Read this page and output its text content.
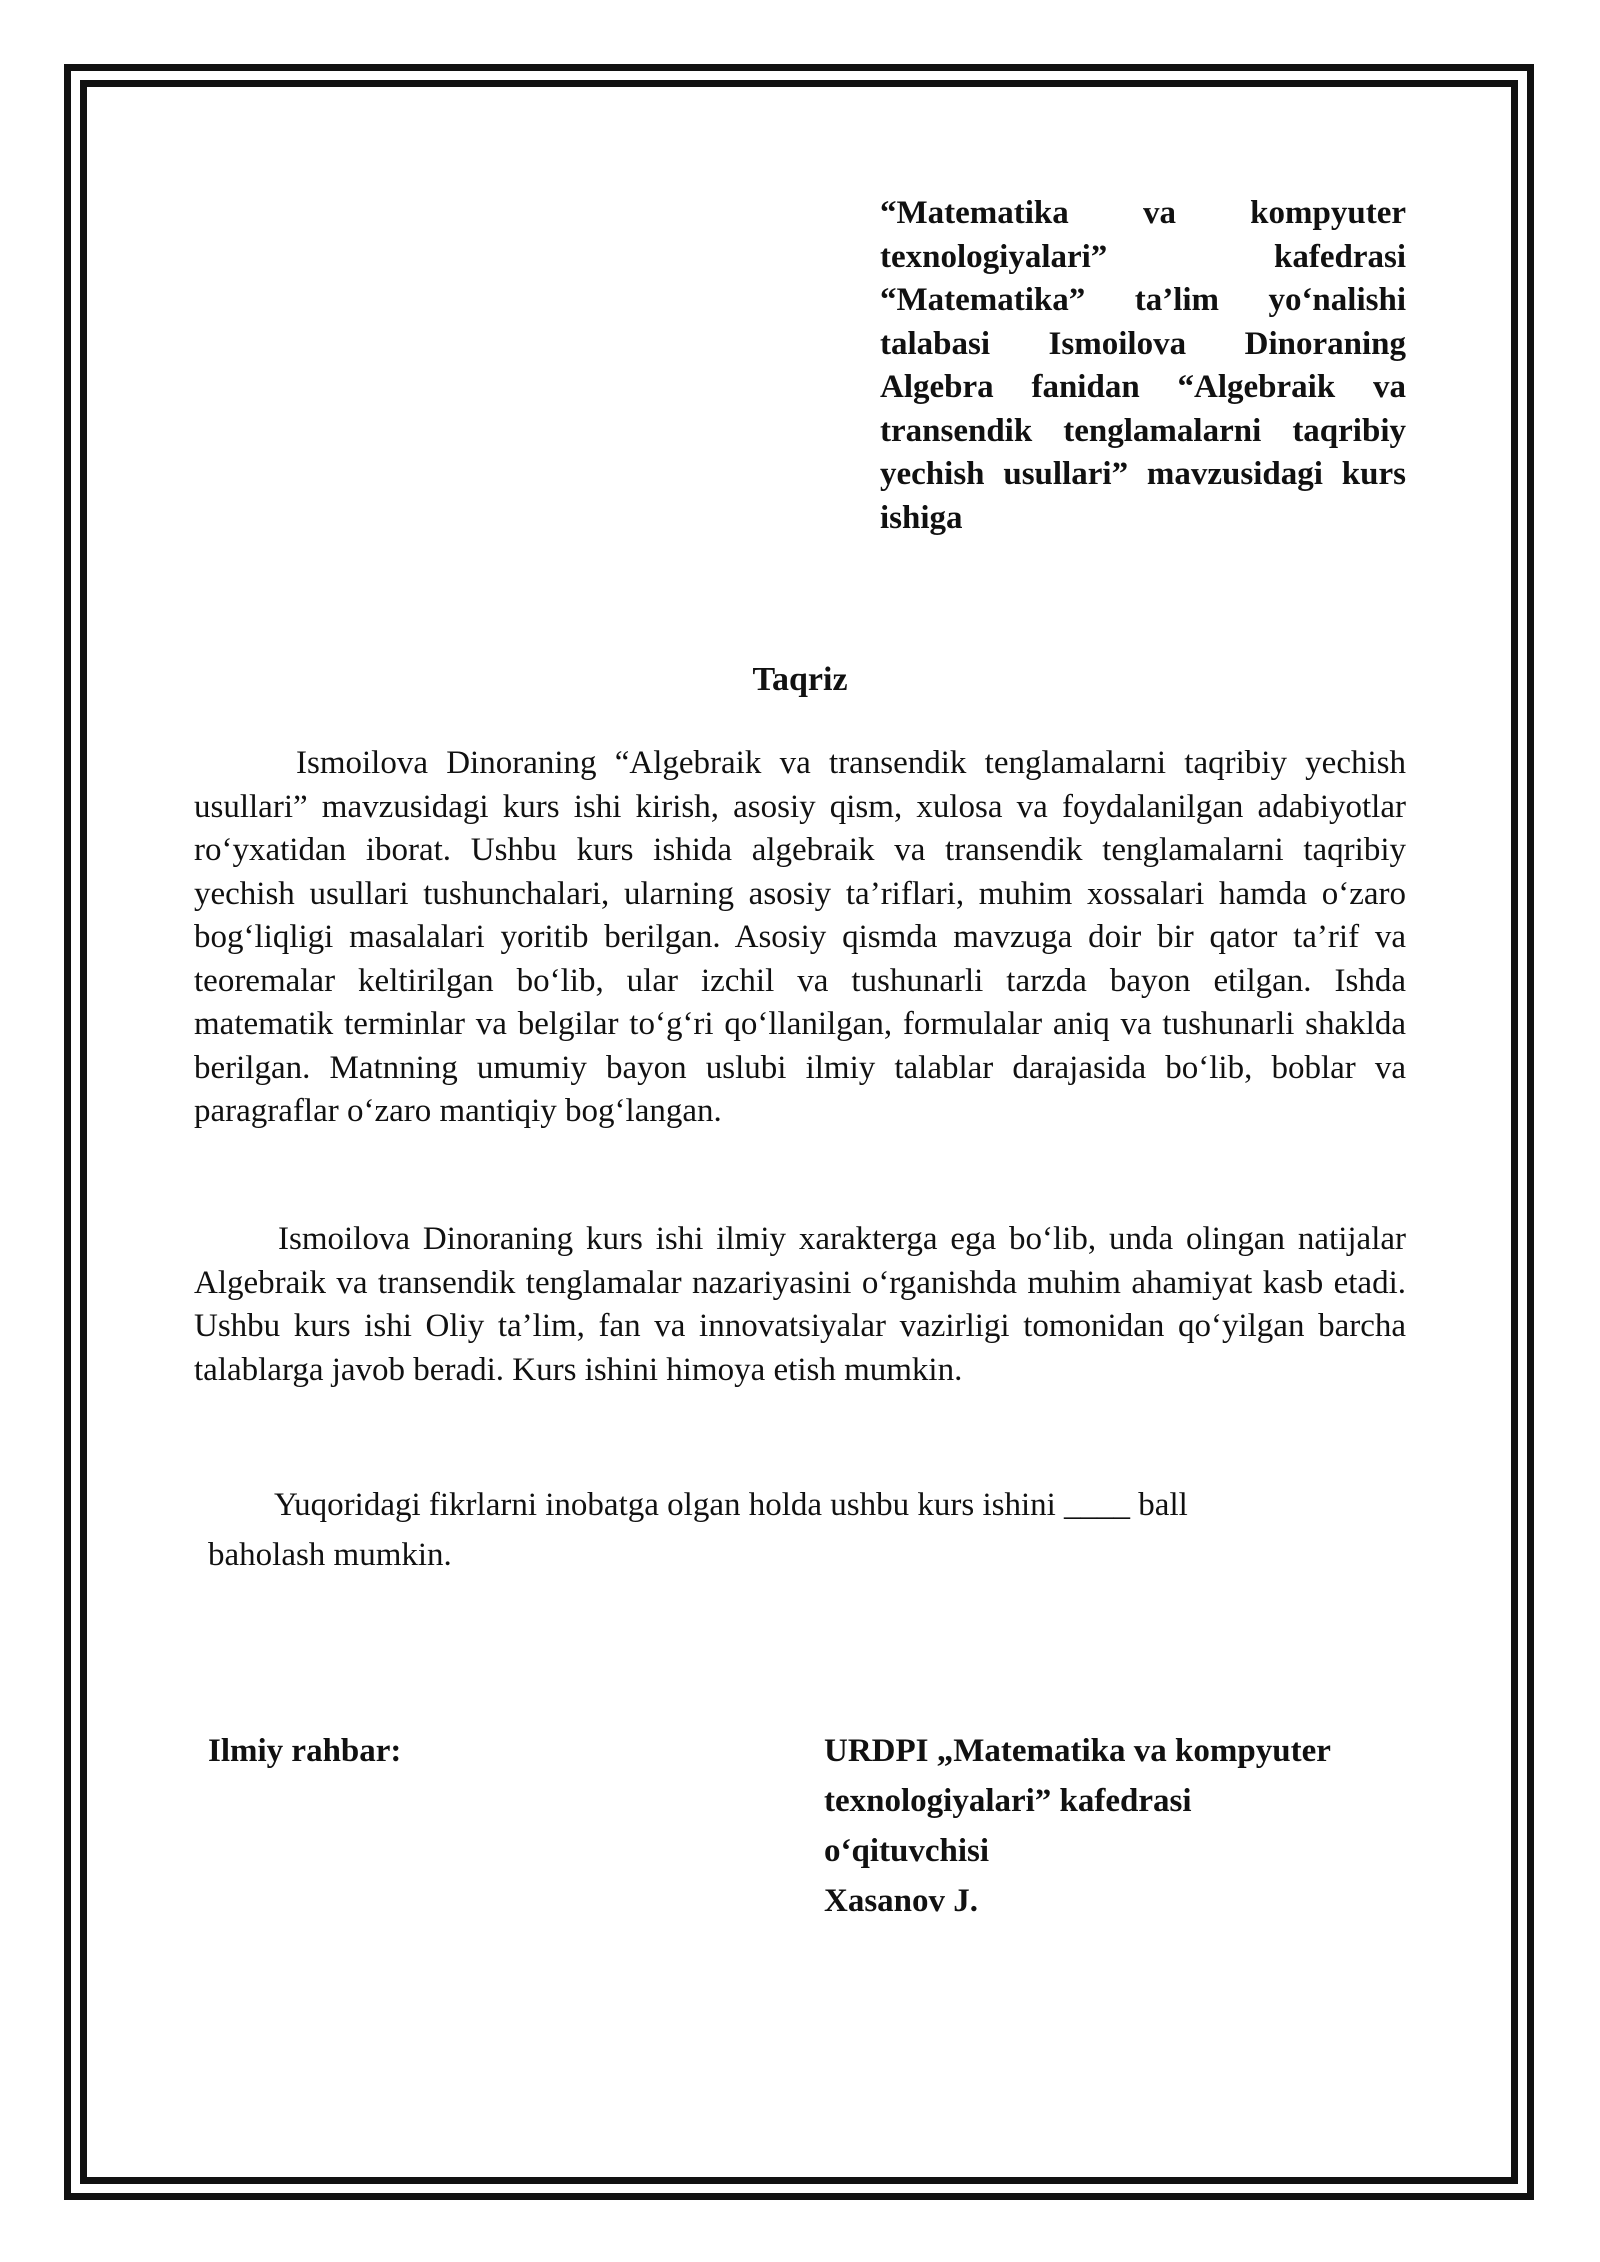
“Matematika va kompyuter texnologiyalari” kafedrasi “Matematika” ta’lim yo‘nalishi talabasi Ismoilova Dinoraning Algebra fanidan “Algebraik va transendik tenglamalarni taqribiy yechish usullari” mavzusidagi kurs ishiga
Taqriz
Ismoilova Dinoraning “Algebraik va transendik tenglamalarni taqribiy yechish usullari” mavzusidagi kurs ishi kirish, asosiy qism, xulosa va foydalanilgan adabiyotlar ro‘yxatidan iborat. Ushbu kurs ishida algebraik va transendik tenglamalarni taqribiy yechish usullari tushunchalari, ularning asosiy ta’riflari, muhim xossalari hamda o‘zaro bog‘liqligi masalalari yoritib berilgan. Asosiy qismda mavzuga doir bir qator ta’rif va teoremalar keltirilgan bo‘lib, ular izchil va tushunarli tarzda bayon etilgan. Ishda matematik terminlar va belgilar to‘g‘ri qo‘llanilgan, formulalar aniq va tushunarli shaklda berilgan. Matnning umumiy bayon uslubi ilmiy talablar darajasida bo‘lib, boblar va paragraflar o‘zaro mantiqiy bog‘langan.
Ismoilova Dinoraning kurs ishi ilmiy xarakterga ega bo‘lib, unda olingan natijalar Algebraik va transendik tenglamalar nazariyasini o‘rganishda muhim ahamiyat kasb etadi. Ushbu kurs ishi Oliy ta’lim, fan va innovatsiyalar vazirligi tomonidan qo‘yilgan barcha talablarga javob beradi. Kurs ishini himoya etish mumkin.
Yuqoridagi fikrlarni inobatga olgan holda ushbu kurs ishini ____ ball
baholash mumkin.
Ilmiy rahbar:	URDPI „Matematika va kompyuter
texnologiyalari” kafedrasi
o‘qituvchisi
Xasanov J.
